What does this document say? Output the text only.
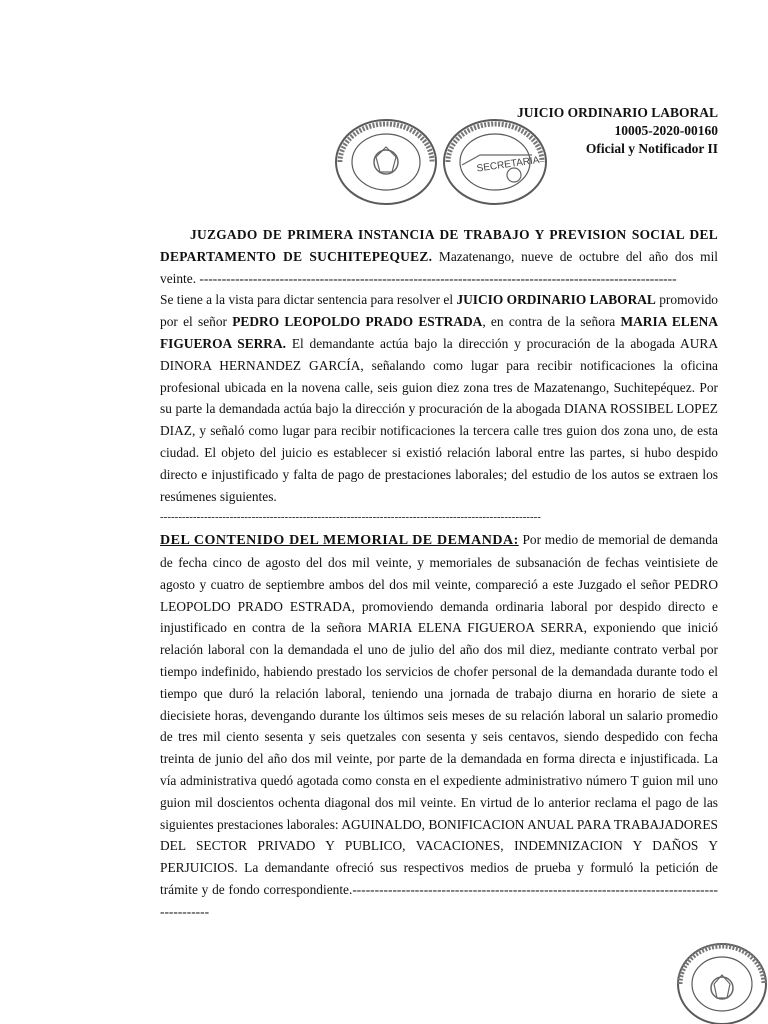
SECRETARIA
JUICIO ORDINARIO LABORAL
10005-2020-00160
Oficial y Notificador II

JUZGADO DE PRIMERA INSTANCIA DE TRABAJO Y PREVISION SOCIAL DEL DEPARTAMENTO DE SUCHITEPEQUEZ. Mazatenango, nueve de octubre del año dos mil veinte. -----------------------------------------------------------------------------------------------------------

Se tiene a la vista para dictar sentencia para resolver el JUICIO ORDINARIO LABORAL promovido por el señor PEDRO LEOPOLDO PRADO ESTRADA, en contra de la señora MARIA ELENA FIGUEROA SERRA. El demandante actúa bajo la dirección y procuración de la abogada AURA DINORA HERNANDEZ GARCÍA, señalando como lugar para recibir notificaciones la oficina profesional ubicada en la novena calle, seis guion diez zona tres de Mazatenango, Suchitepéquez. Por su parte la demandada actúa bajo la dirección y procuración de la abogada DIANA ROSSIBEL LOPEZ DIAZ, y señaló como lugar para recibir notificaciones la tercera calle tres guion dos zona uno, de esta ciudad. El objeto del juicio es establecer si existió relación laboral entre las partes, si hubo despido directo e injustificado y falta de pago de prestaciones laborales; del estudio de los autos se extraen los resúmenes siguientes.

--------------------------------------------------------------------------------------------------------

DEL CONTENIDO DEL MEMORIAL DE DEMANDA: Por medio de memorial de demanda de fecha cinco de agosto del dos mil veinte, y memoriales de subsanación de fechas veintisiete de agosto y cuatro de septiembre ambos del dos mil veinte, compareció a este Juzgado el señor PEDRO LEOPOLDO PRADO ESTRADA, promoviendo demanda ordinaria laboral por despido directo e injustificado en contra de la señora MARIA ELENA FIGUEROA SERRA, exponiendo que inició relación laboral con la demandada el uno de julio del año dos mil diez, mediante contrato verbal por tiempo indefinido, habiendo prestado los servicios de chofer personal de la demandada durante todo el tiempo que duró la relación laboral, teniendo una jornada de trabajo diurna en horario de siete a diecisiete horas, devengando durante los últimos seis meses de su relación laboral un salario promedio de tres mil ciento sesenta y seis quetzales con sesenta y seis centavos, siendo despedido con fecha treinta de junio del año dos mil veinte, por parte de la demandada en forma directa e injustificada. La vía administrativa quedó agotada como consta en el expediente administrativo número T guion mil uno guion mil doscientos ochenta diagonal dos mil veinte. En virtud de lo anterior reclama el pago de las siguientes prestaciones laborales: AGUINALDO, BONIFICACION ANUAL PARA TRABAJADORES DEL SECTOR PRIVADO Y PUBLICO, VACACIONES, INDEMNIZACION Y DAÑOS Y PERJUICIOS. La demandante ofreció sus respectivos medios de prueba y formuló la petición de trámite y de fondo correspondiente.---------------------------------------------------------------------------------------------
